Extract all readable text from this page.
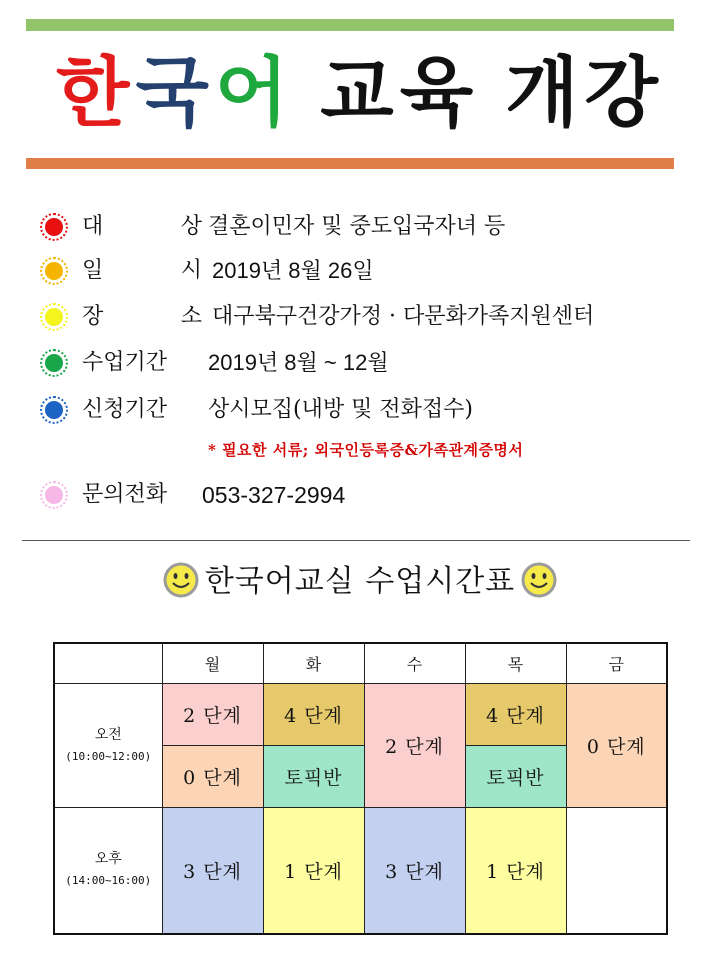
한국어 교육 개강
대	상 결혼이민자 및 중도입국자녀 등
일	시 2019년 8월 26일
장	소 대구북구건강가정 · 다문화가족지원센터
수업기간 2019년 8월 ~ 12월
신청기간 상시모집(내방 및 전화접수)
* 필요한 서류; 외국인등록증&가족관계증명서
문의전화 053-327-2994
한국어교실 수업시간표
	월	화	수	목	금

오전
(10:00~12:00)	2 단계	4 단계	2 단계	4 단계	0 단계
	0 단계	토픽반		토픽반	

오후
(14:00~16:00)	3 단계	1 단계	3 단계	1 단계	
